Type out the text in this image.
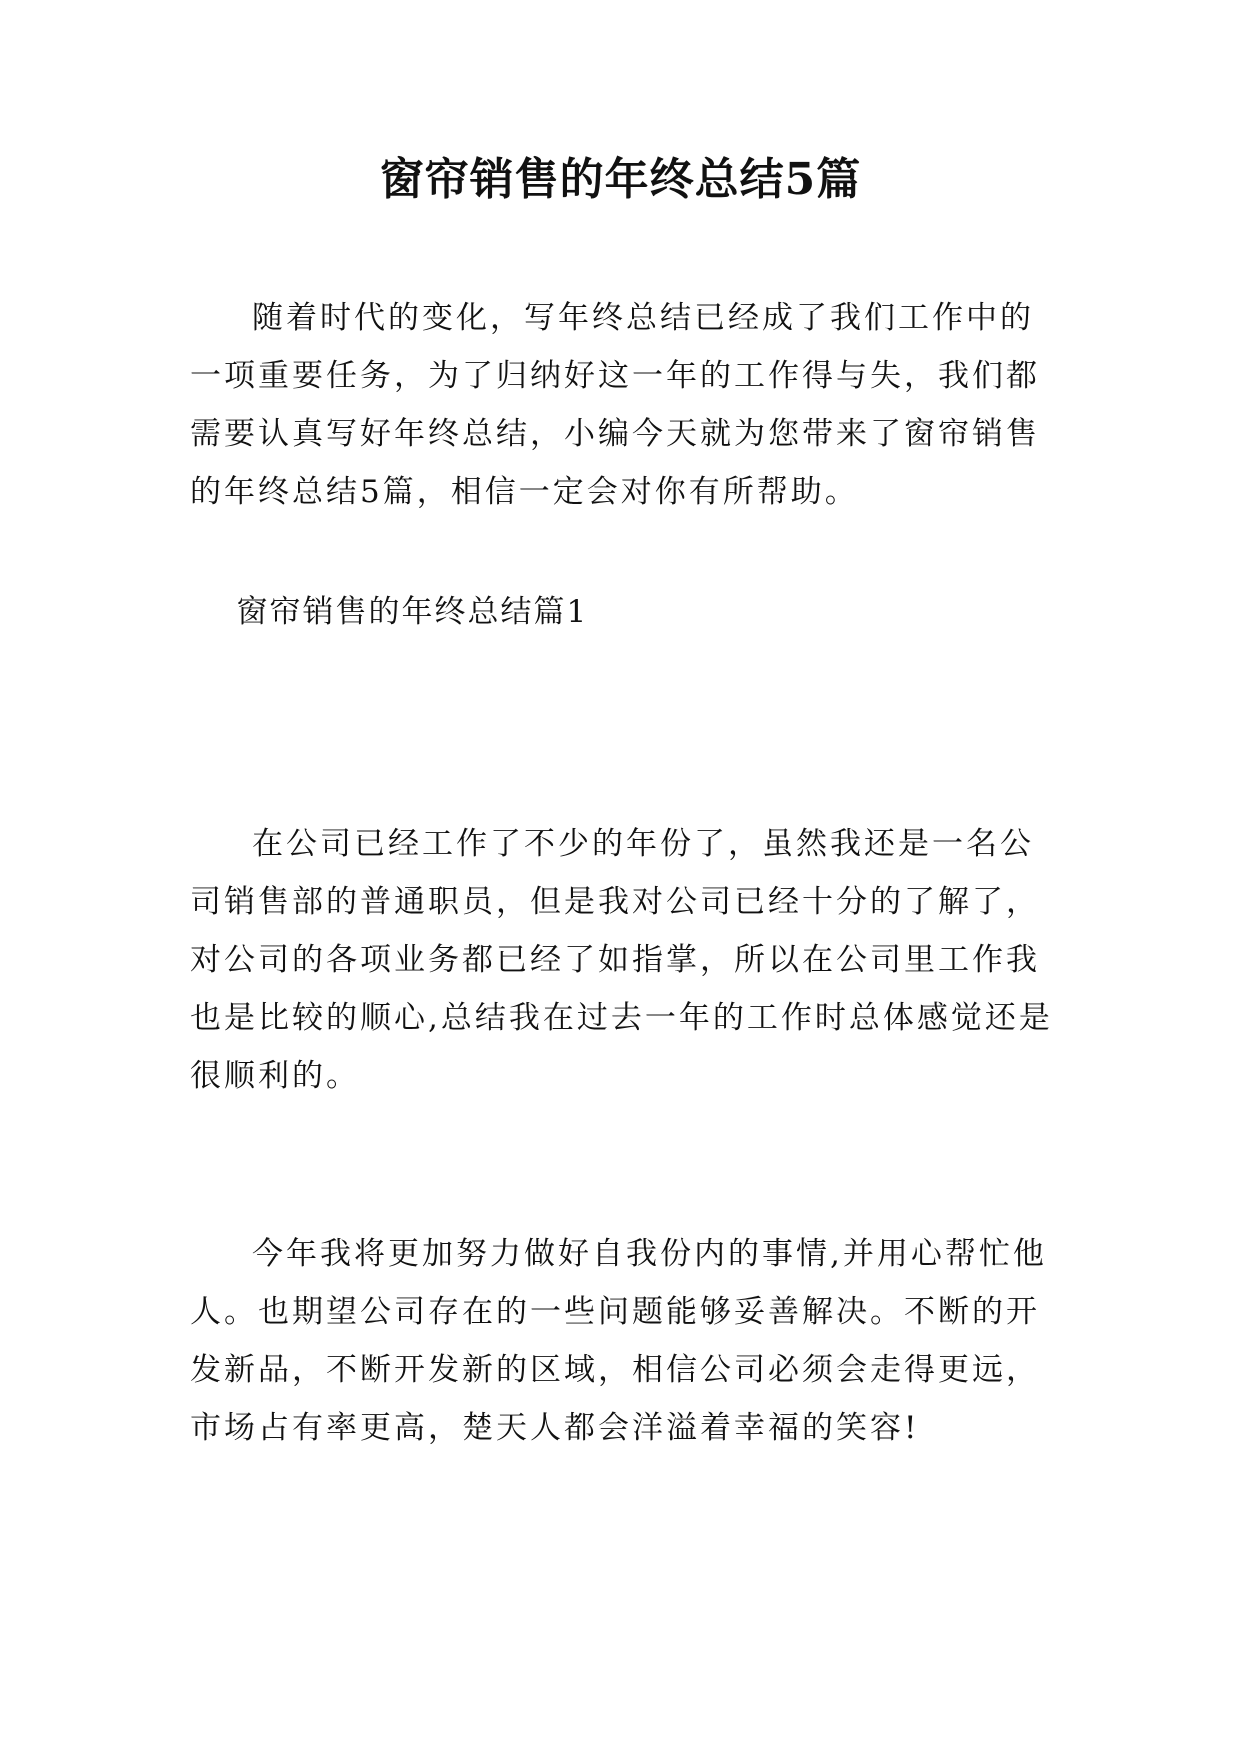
窗帘销售的年终总结5篇

随着时代的变化，写年终总结已经成了我们工作中的一项重要任务，为了归纳好这一年的工作得与失，我们都需要认真写好年终总结，小编今天就为您带来了窗帘销售的年终总结5篇，相信一定会对你有所帮助。

窗帘销售的年终总结篇1

在公司已经工作了不少的年份了，虽然我还是一名公司销售部的普通职员，但是我对公司已经十分的了解了，对公司的各项业务都已经了如指掌，所以在公司里工作我也是比较的顺心,总结我在过去一年的工作时总体感觉还是很顺利的。

今年我将更加努力做好自我份内的事情,并用心帮忙他人。也期望公司存在的一些问题能够妥善解决。不断的开发新品，不断开发新的区域，相信公司必须会走得更远，市场占有率更高，楚天人都会洋溢着幸福的笑容!
